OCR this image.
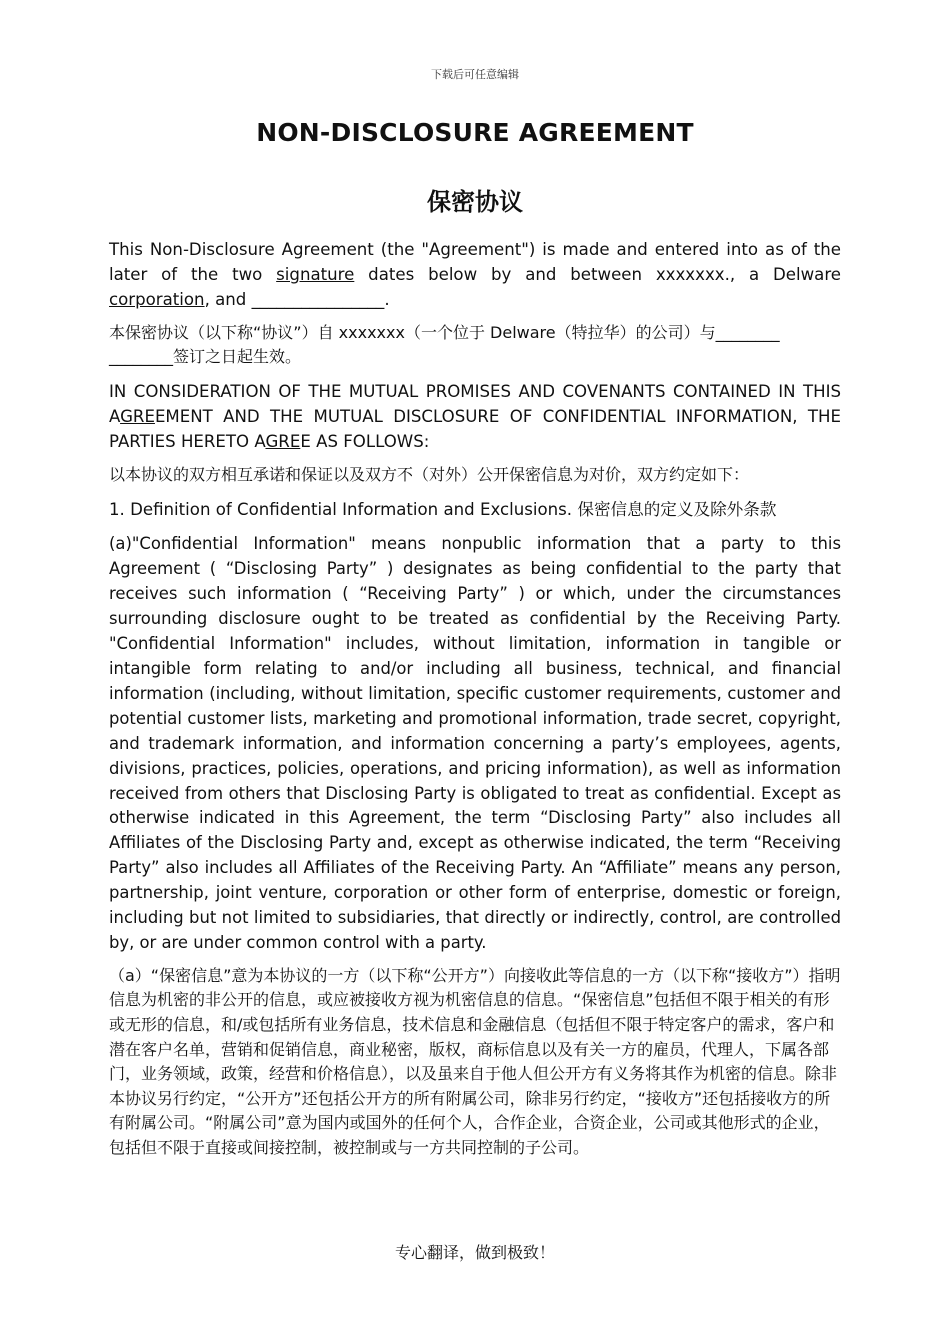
下载后可任意编辑
NON-DISCLOSURE AGREEMENT
保密协议

This Non-Disclosure Agreement (the "Agreement") is made and entered into as of the later of the two signature dates below by and between xxxxxxx., a Delware corporation, and ________________.

本保密协议（以下称“协议”）自 xxxxxxx（一个位于 Delware（特拉华）的公司）与________ ________签订之日起生效。

IN CONSIDERATION OF THE MUTUAL PROMISES AND COVENANTS CONTAINED IN THIS AGREEMENT AND THE MUTUAL DISCLOSURE OF CONFIDENTIAL INFORMATION, THE PARTIES HERETO AGREE AS FOLLOWS:

以本协议的双方相互承诺和保证以及双方不（对外）公开保密信息为对价，双方约定如下：

1. Definition of Confidential Information and Exclusions. 保密信息的定义及除外条款

(a)"Confidential Information" means nonpublic information that a party to this Agreement ( “Disclosing Party” ) designates as being confidential to the party that receives such information ( “Receiving Party” ) or which, under the circumstances surrounding disclosure ought to be treated as confidential by the Receiving Party. "Confidential Information" includes, without limitation, information in tangible or intangible form relating to and/or including all business, technical, and financial information (including, without limitation, specific customer requirements, customer and potential customer lists, marketing and promotional information, trade secret, copyright, and trademark information, and information concerning a party’s employees, agents, divisions, practices, policies, operations, and pricing information), as well as information received from others that Disclosing Party is obligated to treat as confidential. Except as otherwise indicated in this Agreement, the term “Disclosing Party” also includes all Affiliates of the Disclosing Party and, except as otherwise indicated, the term “Receiving Party” also includes all Affiliates of the Receiving Party. An “Affiliate” means any person, partnership, joint venture, corporation or other form of enterprise, domestic or foreign, including but not limited to subsidiaries, that directly or indirectly, control, are controlled by, or are under common control with a party.

（a）“保密信息”意为本协议的一方（以下称“公开方”）向接收此等信息的一方（以下称“接收方”）指明信息为机密的非公开的信息，或应被接收方视为机密信息的信息。“保密信息”包括但不限于相关的有形或无形的信息，和/或包括所有业务信息，技术信息和金融信息（包括但不限于特定客户的需求，客户和潜在客户名单，营销和促销信息，商业秘密，版权，商标信息以及有关一方的雇员，代理人，下属各部门，业务领域，政策，经营和价格信息），以及虽来自于他人但公开方有义务将其作为机密的信息。除非本协议另行约定，“公开方”还包括公开方的所有附属公司，除非另行约定，“接收方”还包括接收方的所有附属公司。“附属公司”意为国内或国外的任何个人，合作企业，合资企业，公司或其他形式的企业，包括但不限于直接或间接控制，被控制或与一方共同控制的子公司。

专心翻译，做到极致！
